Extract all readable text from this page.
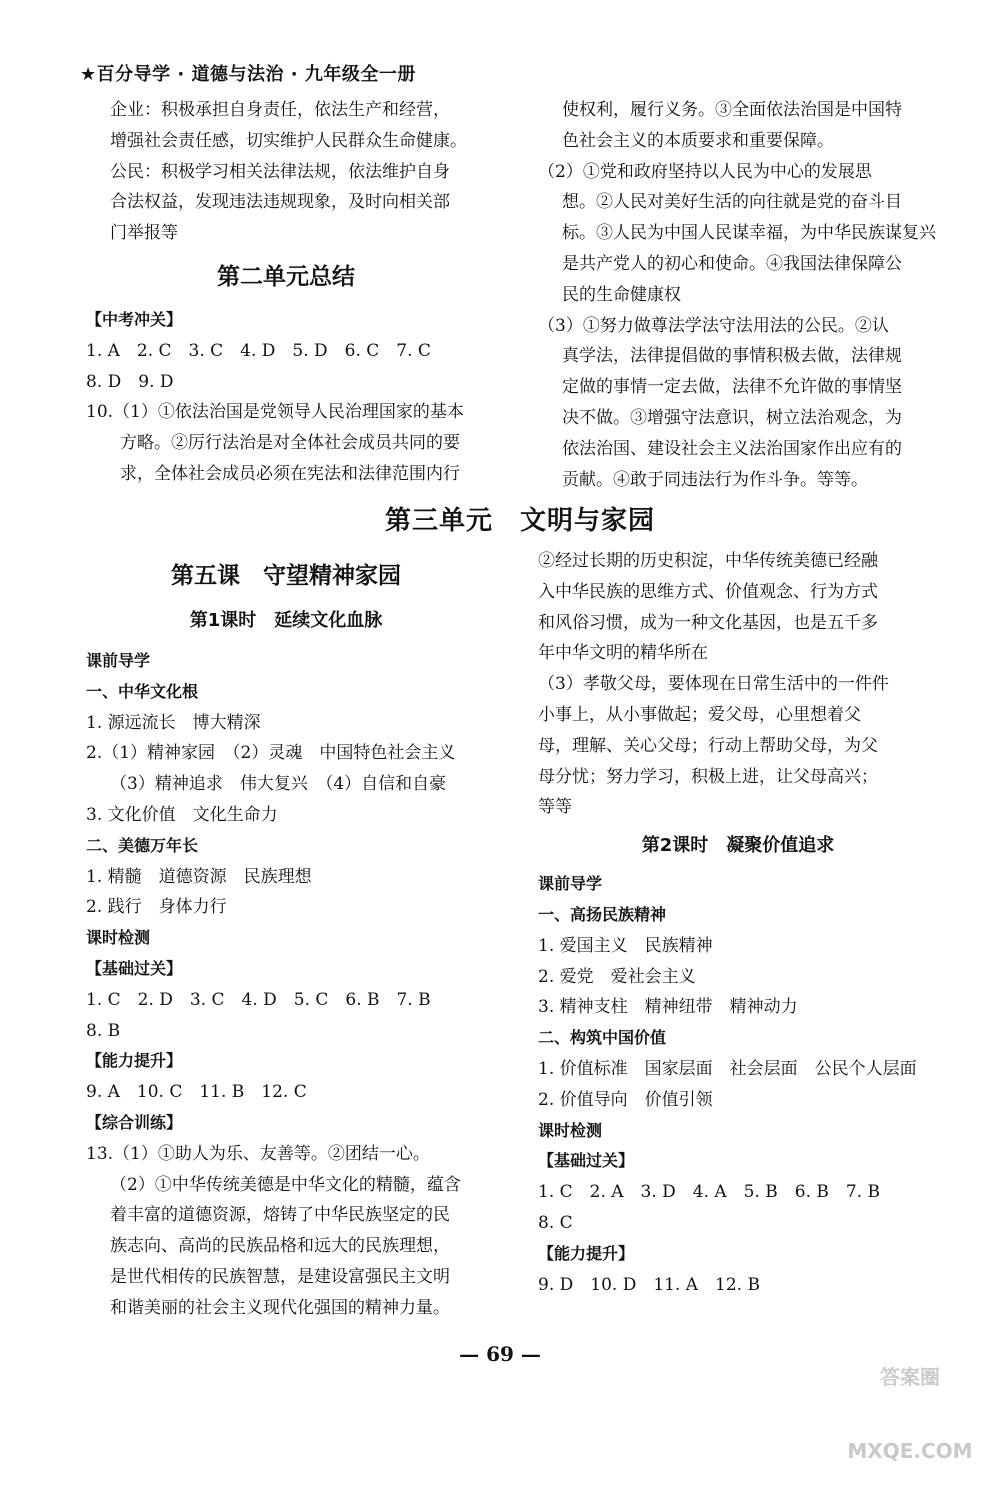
★百分导学 · 道德与法治 · 九年级全一册
企业：积极承担自身责任，依法生产和经营，
增强社会责任感，切实维护人民群众生命健康。
公民：积极学习相关法律法规，依法维护自身
合法权益，发现违法违规现象，及时向相关部
门举报等
第二单元总结
【中考冲关】
1. A　2. C　3. C　4. D　5. D　6. C　7. C
8. D　9. D
10.（1）①依法治国是党领导人民治理国家的基本
方略。②厉行法治是对全体社会成员共同的要
求，全体社会成员必须在宪法和法律范围内行
使权利，履行义务。③全面依法治国是中国特
色社会主义的本质要求和重要保障。
（2）①党和政府坚持以人民为中心的发展思
想。②人民对美好生活的向往就是党的奋斗目
标。③人民为中国人民谋幸福，为中华民族谋复兴
是共产党人的初心和使命。④我国法律保障公
民的生命健康权
（3）①努力做尊法学法守法用法的公民。②认
真学法，法律提倡做的事情积极去做，法律规
定做的事情一定去做，法律不允许做的事情坚
决不做。③增强守法意识，树立法治观念，为
依法治国、建设社会主义法治国家作出应有的
贡献。④敢于同违法行为作斗争。等等。
第三单元　文明与家园
第五课　守望精神家园
第1课时　延续文化血脉
课前导学
一、中华文化根
1. 源远流长　博大精深
2.（1）精神家园　（2）灵魂　中国特色社会主义
（3）精神追求　伟大复兴　（4）自信和自豪
3. 文化价值　文化生命力
二、美德万年长
1. 精髓　道德资源　民族理想
2. 践行　身体力行
课时检测
【基础过关】
1. C　2. D　3. C　4. D　5. C　6. B　7. B
8. B
【能力提升】
9. A　10. C　11. B　12. C
【综合训练】
13.（1）①助人为乐、友善等。②团结一心。
（2）①中华传统美德是中华文化的精髓，蕴含
着丰富的道德资源，熔铸了中华民族坚定的民
族志向、高尚的民族品格和远大的民族理想，
是世代相传的民族智慧，是建设富强民主文明
和谐美丽的社会主义现代化强国的精神力量。
②经过长期的历史积淀，中华传统美德已经融
入中华民族的思维方式、价值观念、行为方式
和风俗习惯，成为一种文化基因，也是五千多
年中华文明的精华所在
（3）孝敬父母，要体现在日常生活中的一件件
小事上，从小事做起；爱父母，心里想着父
母，理解、关心父母；行动上帮助父母，为父
母分忧；努力学习，积极上进，让父母高兴；
等等
第2课时　凝聚价值追求
课前导学
一、高扬民族精神
1. 爱国主义　民族精神
2. 爱党　爱社会主义
3. 精神支柱　精神纽带　精神动力
二、构筑中国价值
1. 价值标准　国家层面　社会层面　公民个人层面
2. 价值导向　价值引领
课时检测
【基础过关】
1. C　2. A　3. D　4. A　5. B　6. B　7. B
8. C
【能力提升】
9. D　10. D　11. A　12. B
— 69 —
答案圈 MXQE.COM
